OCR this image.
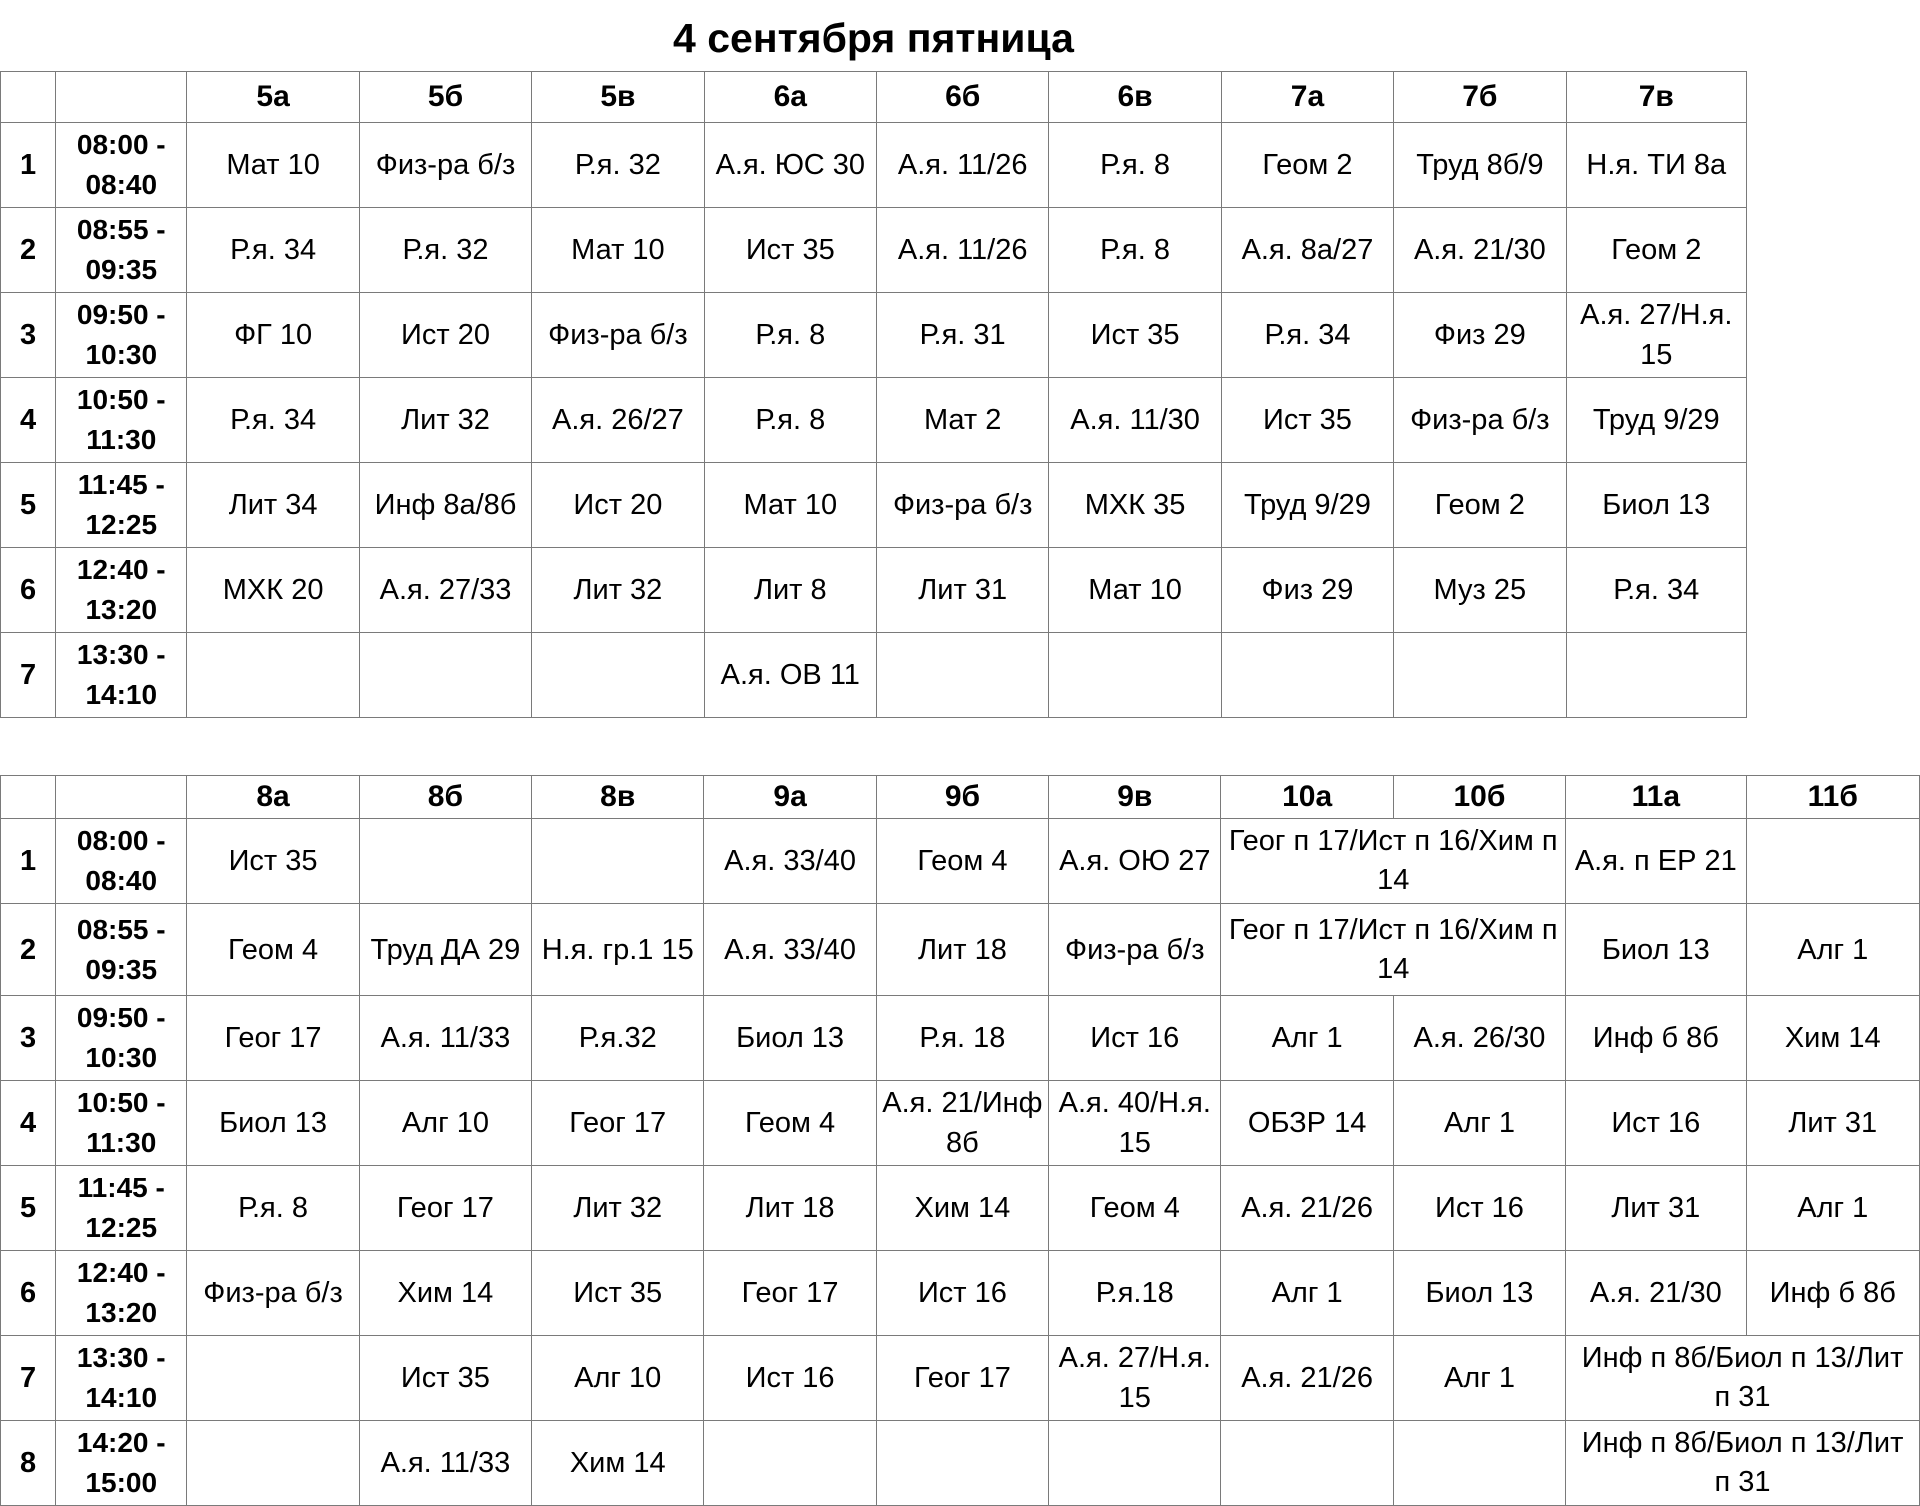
4 сентября пятница
		5а	5б	5в	6а	6б	6в	7а	7б	7в
1	08:00 -
08:40	Мат 10	Физ-ра б/з	Р.я. 32	А.я. ЮС 30	А.я. 11/26	Р.я. 8	Геом 2	Труд 8б/9	Н.я. ТИ 8а
2	08:55 -
09:35	Р.я. 34	Р.я. 32	Мат 10	Ист 35	А.я. 11/26	Р.я. 8	А.я. 8а/27	А.я. 21/30	Геом 2
3	09:50 -
10:30	ФГ 10	Ист 20	Физ-ра б/з	Р.я. 8	Р.я. 31	Ист 35	Р.я. 34	Физ 29	А.я. 27/Н.я. 15
4	10:50 -
11:30	Р.я. 34	Лит 32	А.я. 26/27	Р.я. 8	Мат 2	А.я. 11/30	Ист 35	Физ-ра б/з	Труд 9/29
5	11:45 -
12:25	Лит 34	Инф 8а/8б	Ист 20	Мат 10	Физ-ра б/з	МХК 35	Труд 9/29	Геом 2	Биол 13
6	12:40 -
13:20	МХК 20	А.я. 27/33	Лит 32	Лит 8	Лит 31	Мат 10	Физ 29	Муз 25	Р.я. 34
7	13:30 -
14:10				А.я. ОВ 11					
		8а	8б	8в	9а	9б	9в	10а	10б	11а	11б
1	08:00 -
08:40	Ист 35			А.я. 33/40	Геом 4	А.я. ОЮ 27	Геог п 17/Ист п 16/Хим п 14		А.я. п ЕР 21	
2	08:55 -
09:35	Геом 4	Труд ДА 29	Н.я. гр.1 15	А.я. 33/40	Лит 18	Физ-ра б/з	Геог п 17/Ист п 16/Хим п 14		Биол 13	Алг 1
3	09:50 -
10:30	Геог 17	А.я. 11/33	Р.я.32	Биол 13	Р.я. 18	Ист 16	Алг 1	А.я. 26/30	Инф б 8б	Хим 14
4	10:50 -
11:30	Биол 13	Алг 10	Геог 17	Геом 4	А.я. 21/Инф 8б	А.я. 40/Н.я. 15	ОБЗР 14	Алг 1	Ист 16	Лит 31
5	11:45 -
12:25	Р.я. 8	Геог 17	Лит 32	Лит 18	Хим 14	Геом 4	А.я. 21/26	Ист 16	Лит 31	Алг 1
6	12:40 -
13:20	Физ-ра б/з	Хим 14	Ист 35	Геог 17	Ист 16	Р.я.18	Алг 1	Биол 13	А.я. 21/30	Инф б 8б
7	13:30 -
14:10		Ист 35	Алг 10	Ист 16	Геог 17	А.я. 27/Н.я. 15	А.я. 21/26	Алг 1	Инф п 8б/Биол п 13/Лит п 31	
8	14:20 -
15:00		А.я. 11/33	Хим 14						Инф п 8б/Биол п 13/Лит п 31	
